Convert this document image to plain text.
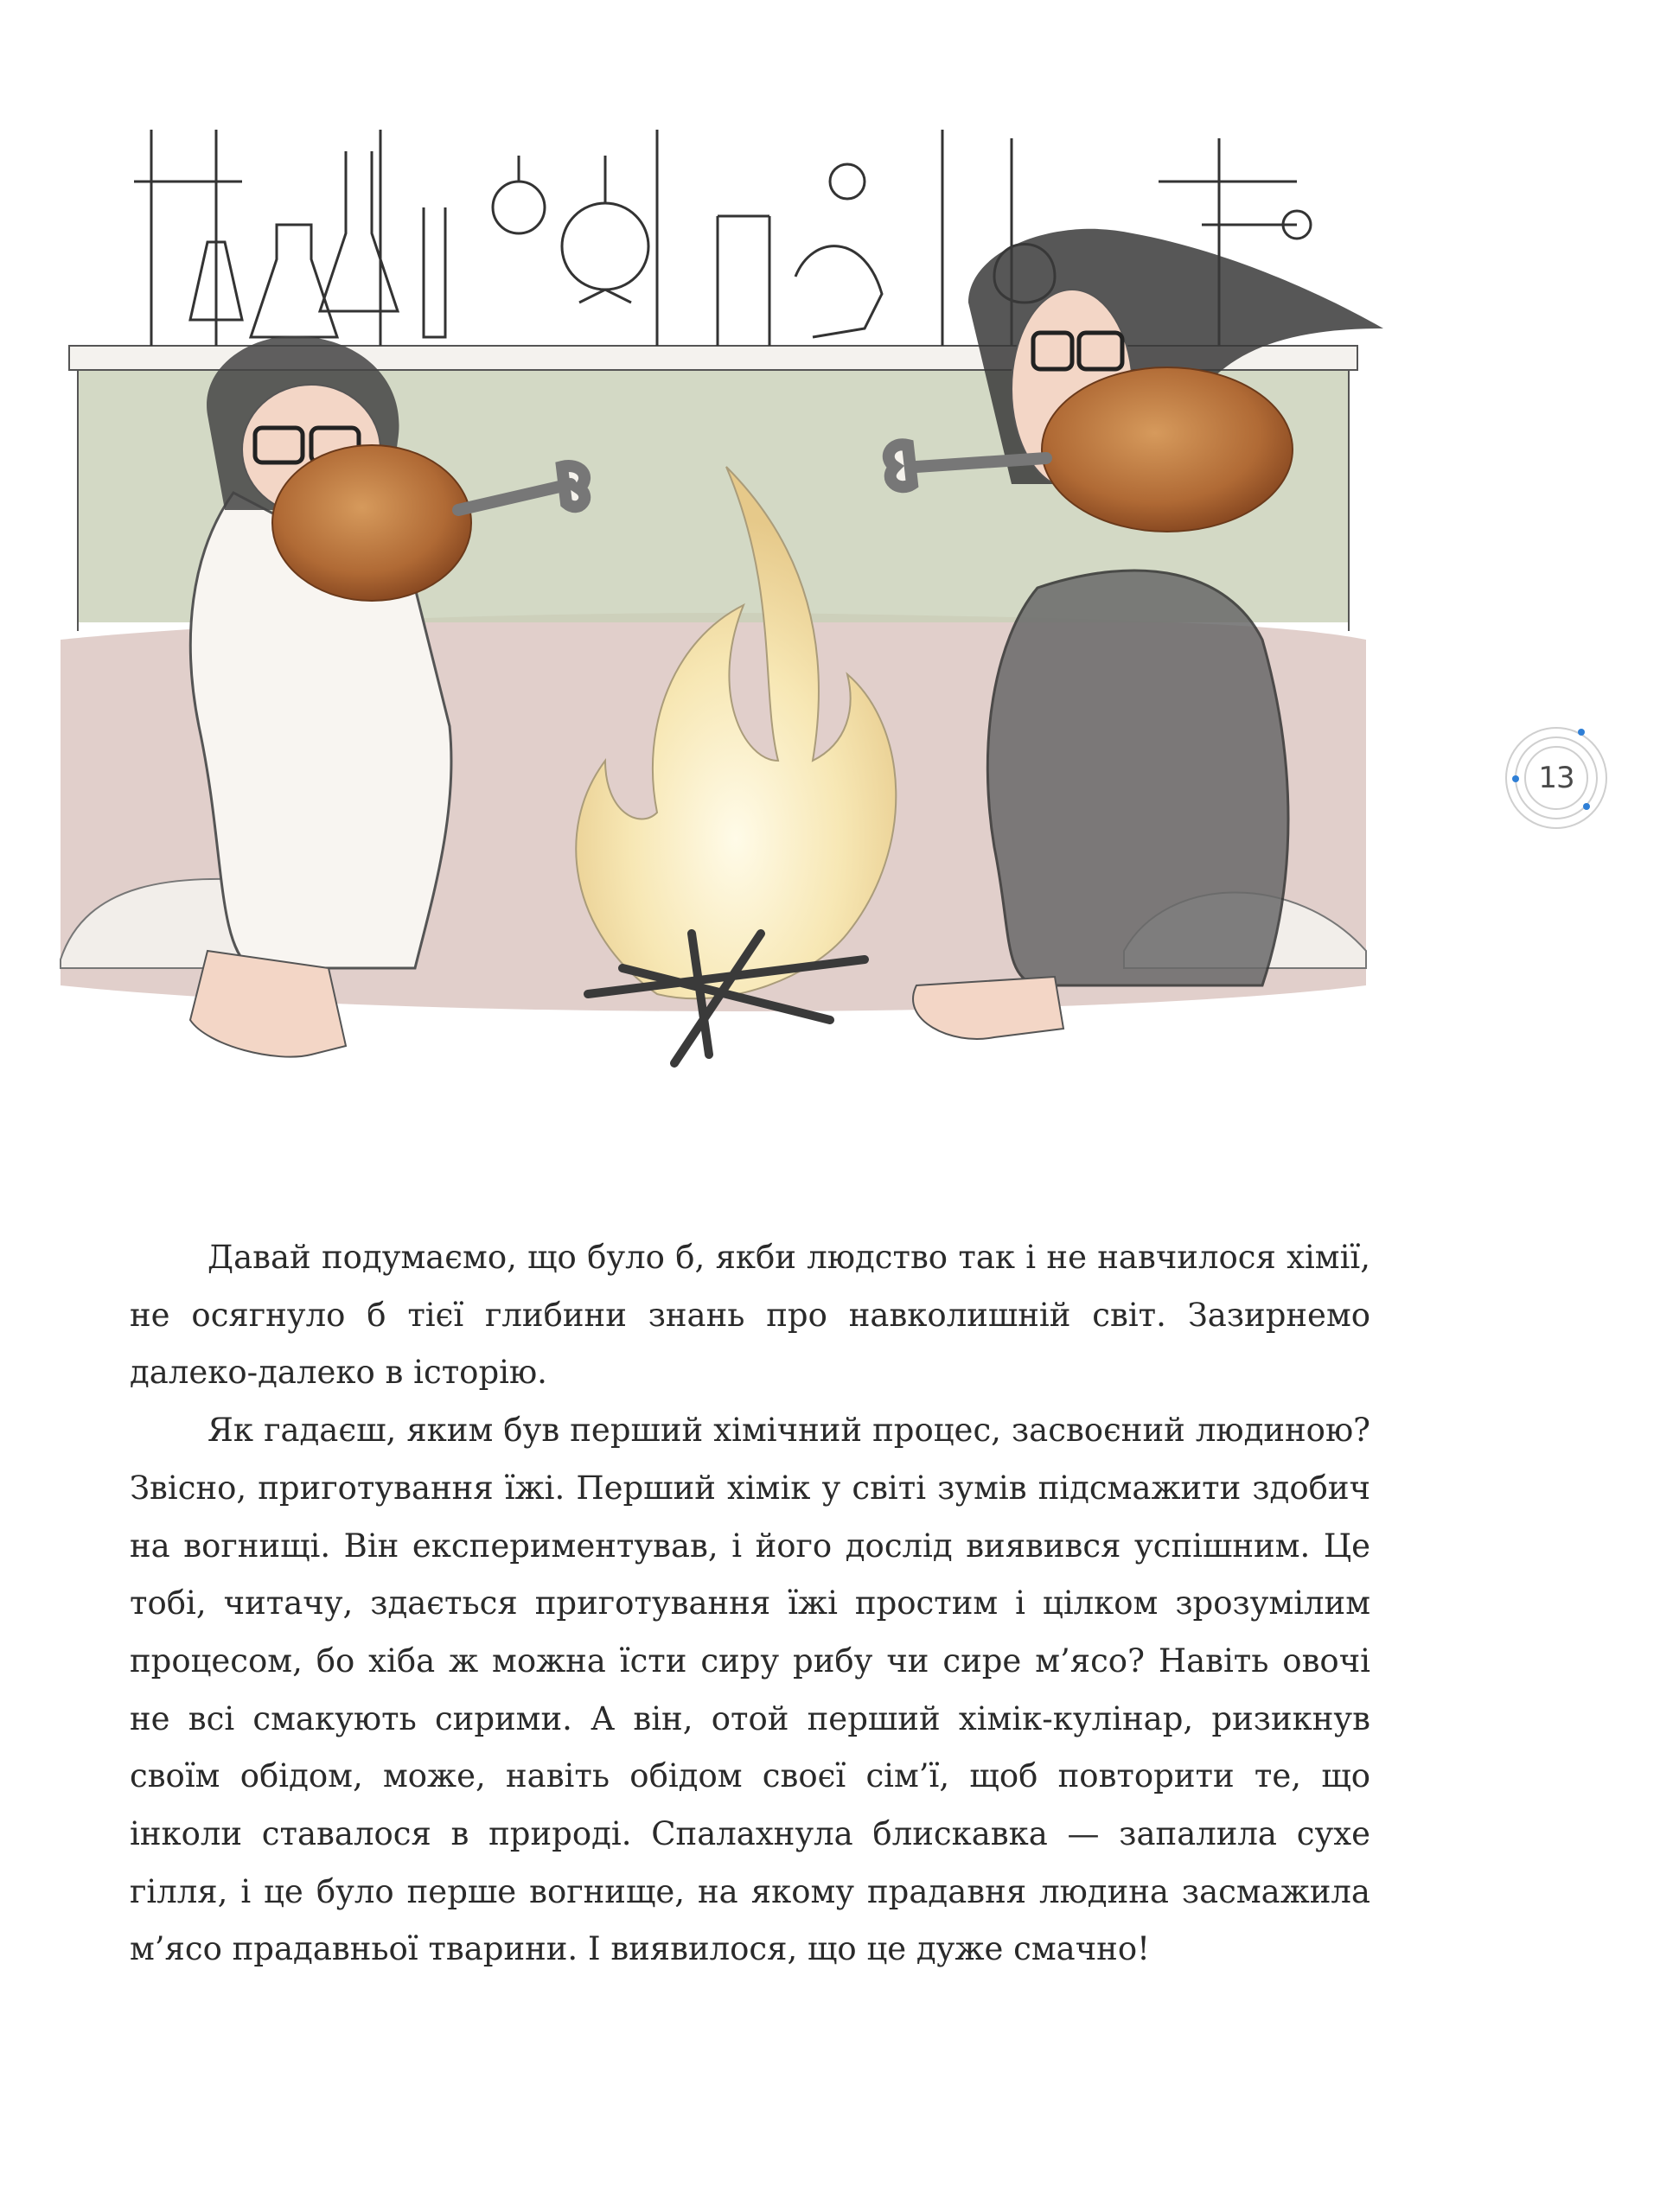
13

Давай подумаємо, що було б, якби людство так і не навчилося хімії, не осягнуло б тієї глибини знань про навколишній світ. Зазирнемо далеко-далеко в історію.

Як гадаєш, яким був перший хімічний процес, засвоєний людиною? Звісно, приготування їжі. Перший хімік у світі зумів підсмажити здобич на вогнищі. Він експериментував, і його дослід виявився успішним. Це тобі, читачу, здається приготування їжі простим і цілком зрозумілим процесом, бо хіба ж можна їсти сиру рибу чи сире м’ясо? Навіть овочі не всі смакують сирими. А він, отой перший хімік-кулінар, ризикнув своїм обідом, може, навіть обідом своєї сім’ї, щоб повторити те, що інколи ставалося в природі. Спалахнула блискавка — запалила сухе гілля, і це було перше вогнище, на якому прадавня людина засмажила м’ясо прадавньої тварини. І виявилося, що це дуже смачно!
